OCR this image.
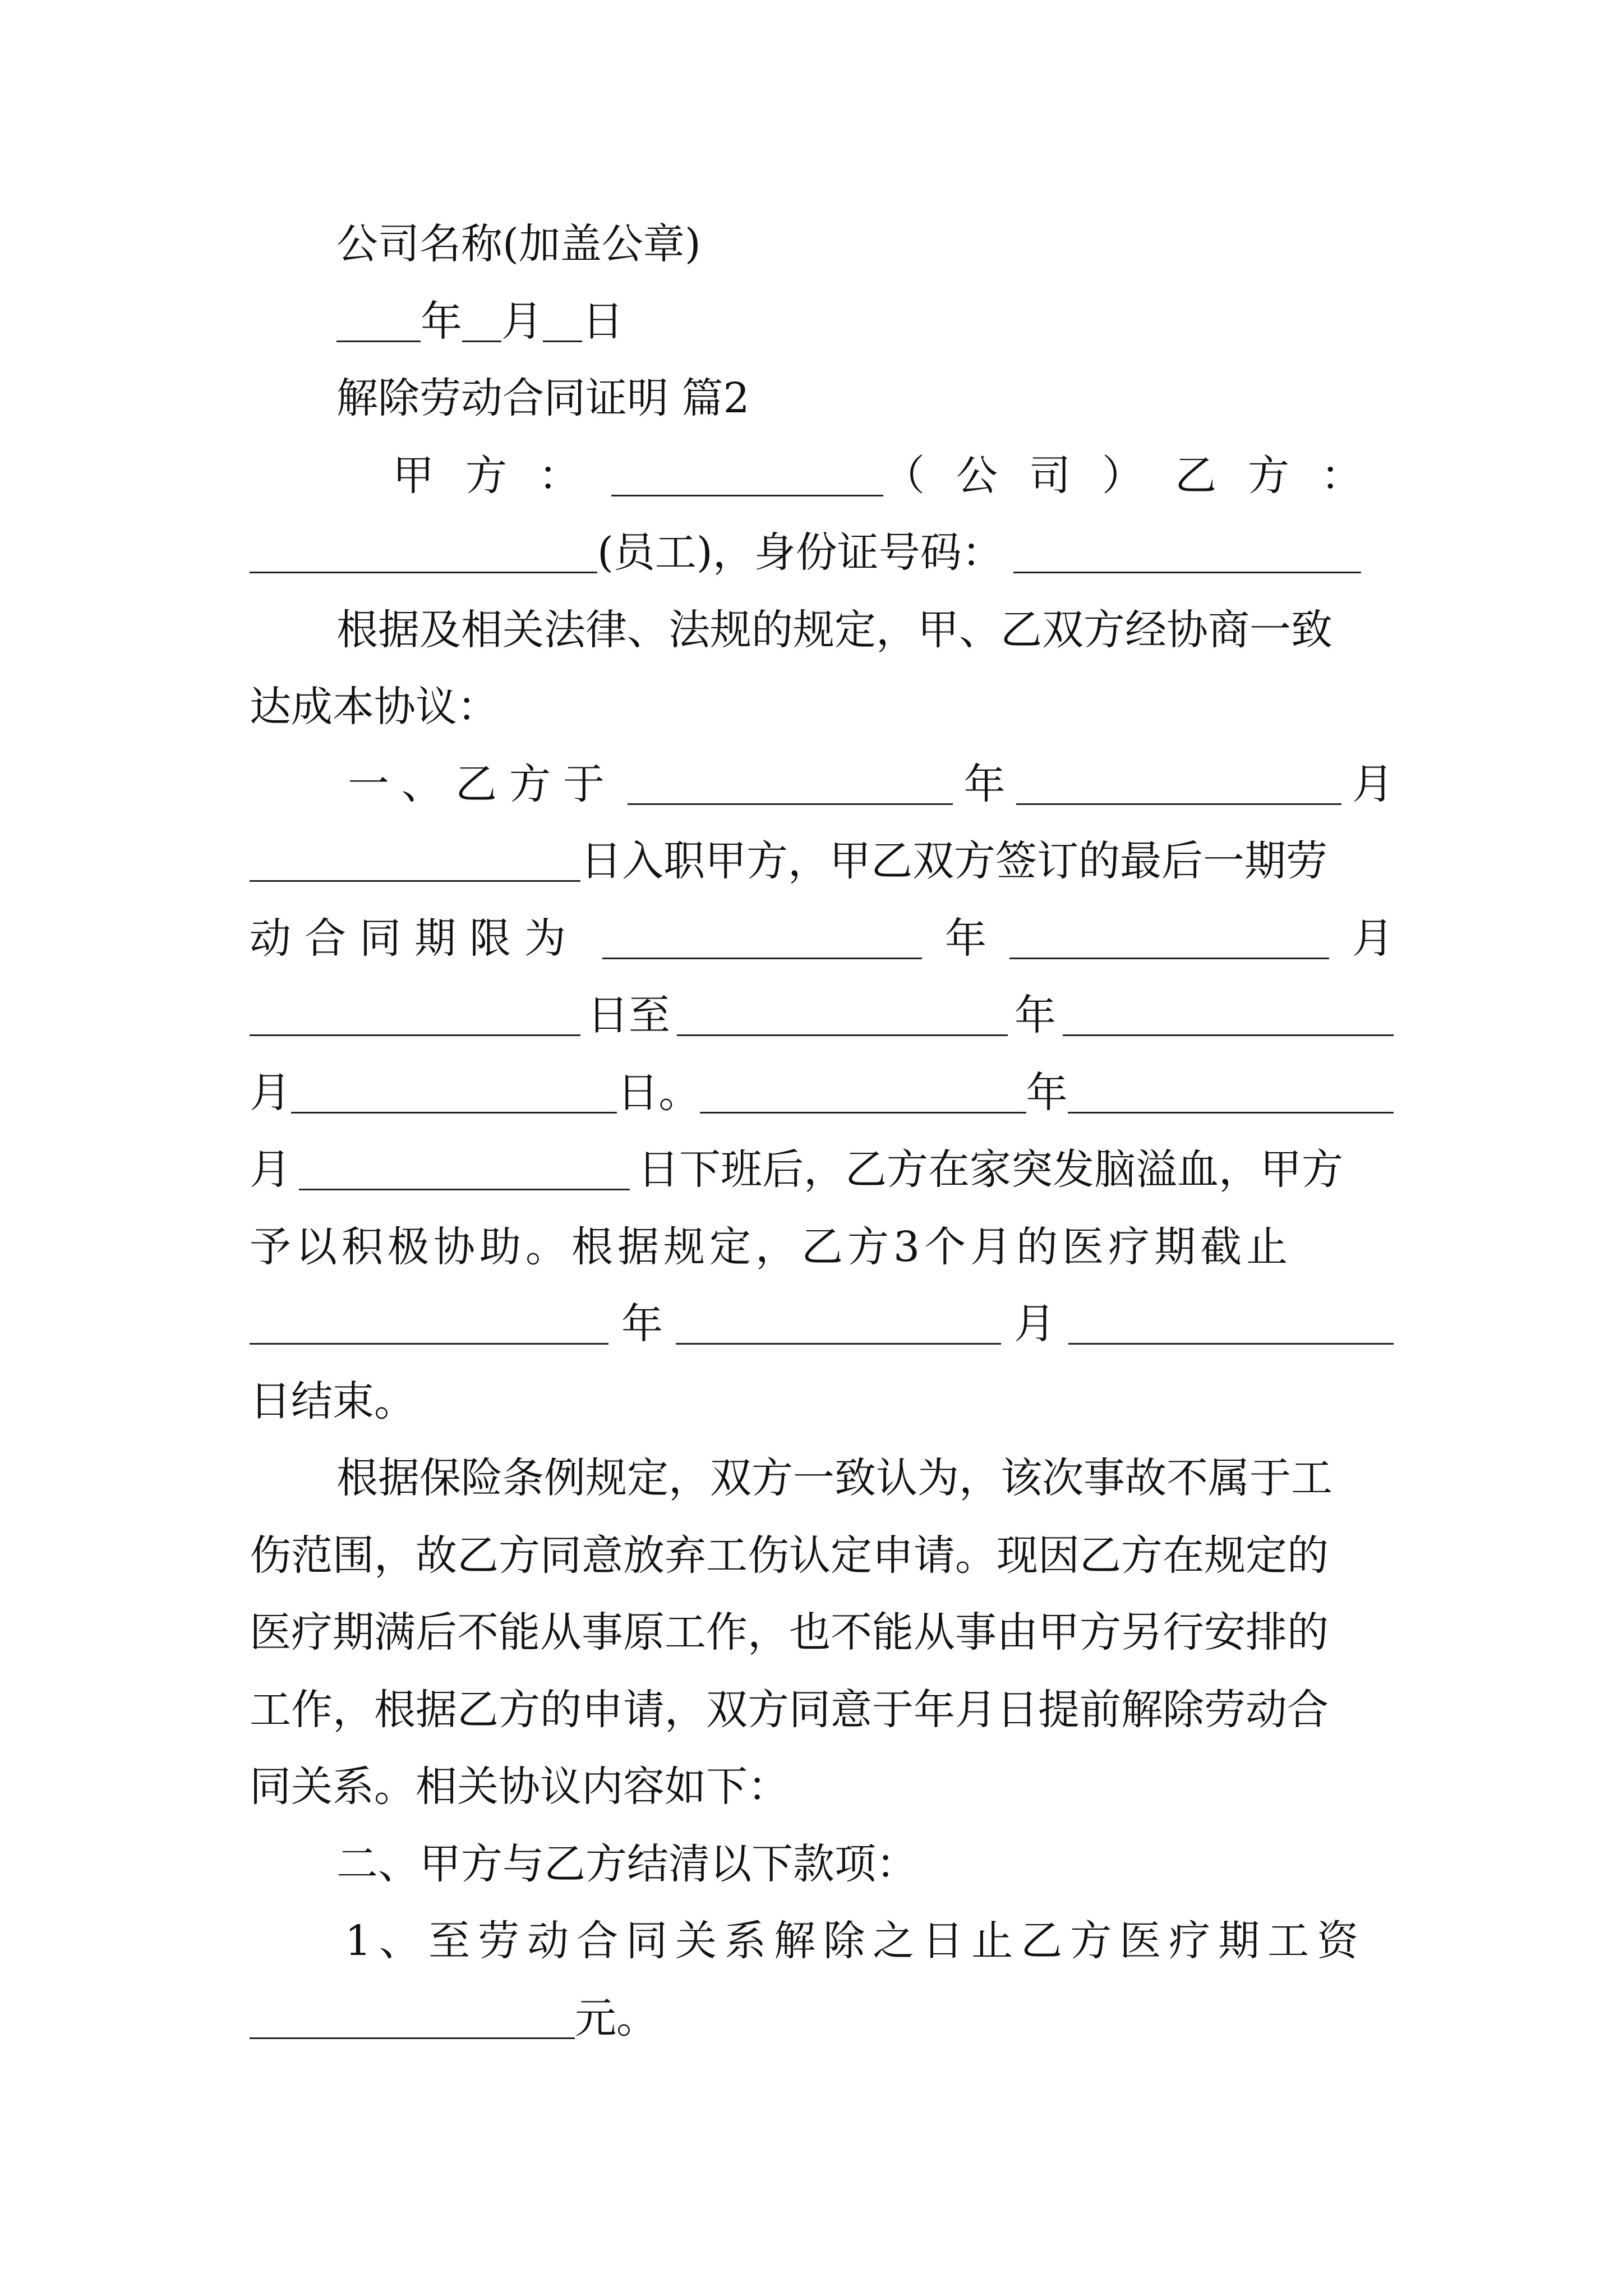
公司名称(加盖公章)
年 月 日
解除劳动合同证明 篇2
甲方：	（公司） 乙方：
(员工)，身份证号码：
根据及相关法律、法规的规定，甲、乙双方经协商一致
达成本协议：
一、乙方于	年	月
日入职甲方，甲乙双方签订的最后一期劳
动合同期限为	年	月
日至	年
月	日。	年
月	日下班后，乙方在家突发脑溢血，甲方
予以积极协助。根据规定，乙方3个月的医疗期截止
年	月
日结束。
根据保险条例规定，双方一致认为，该次事故不属于工
伤范围，故乙方同意放弃工伤认定申请。现因乙方在规定的
医疗期满后不能从事原工作，也不能从事由甲方另行安排的
工作，根据乙方的申请，双方同意于年月日提前解除劳动合
同关系。相关协议内容如下：
二、甲方与乙方结清以下款项：
1、至劳动合同关系解除之日止乙方医疗期工资
元。
